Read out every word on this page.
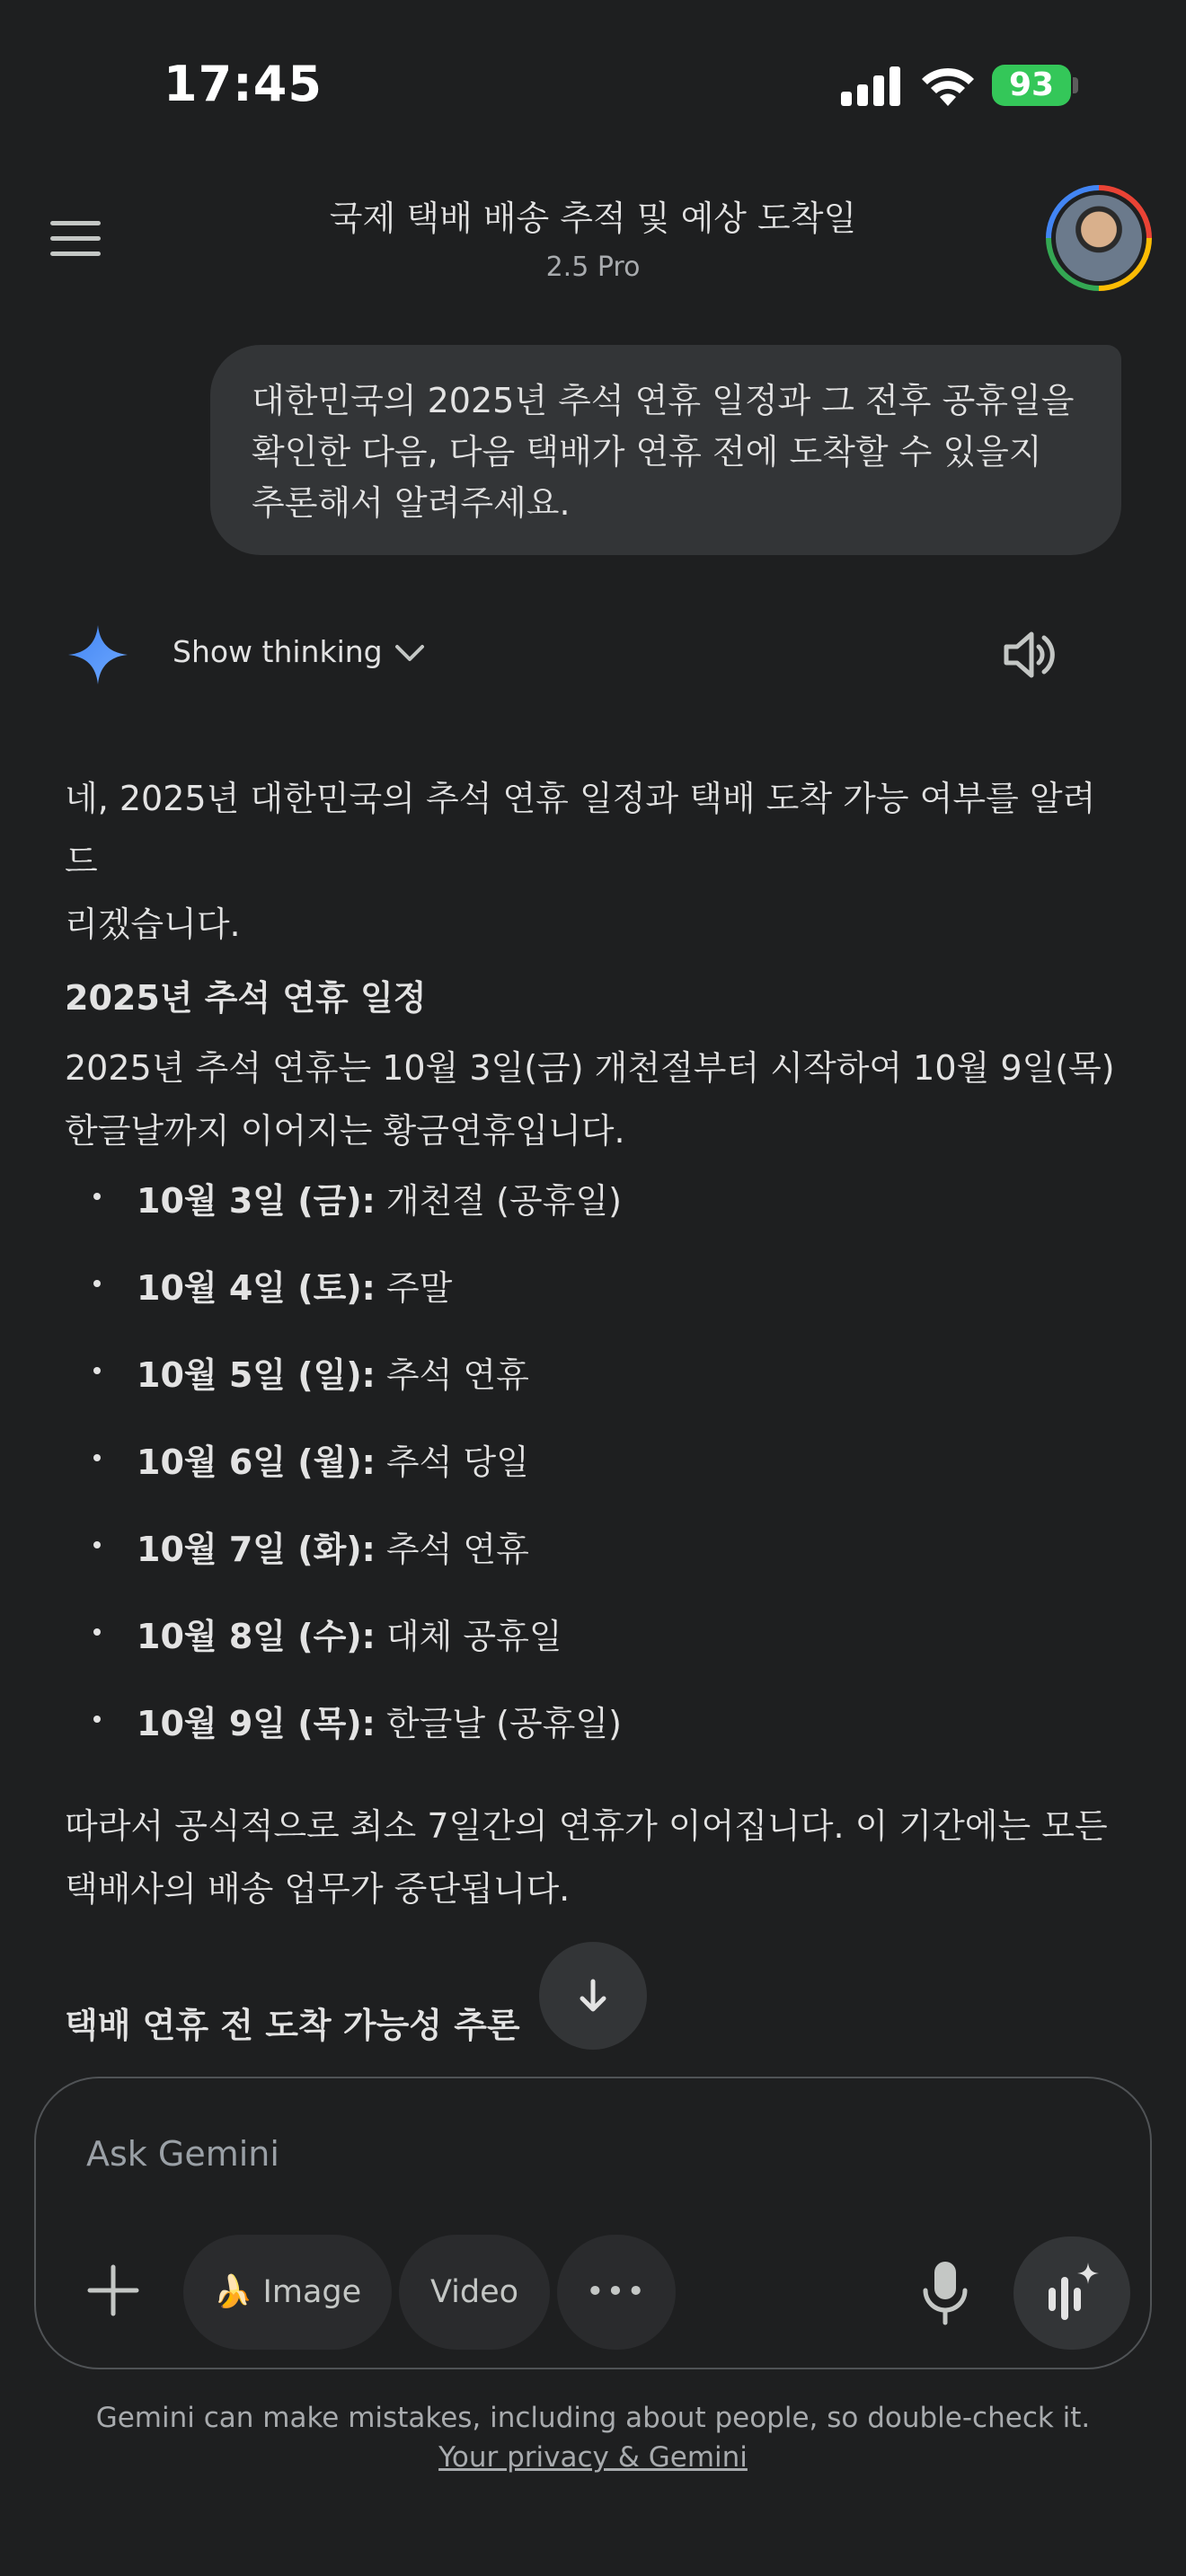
17:45	93
국제 택배 배송 추적 및 예상 도착일
2.5 Pro
대한민국의 2025년 추석 연휴 일정과 그 전후 공휴일을
확인한 다음, 다음 택배가 연휴 전에 도착할 수 있을지
추론해서 알려주세요.
Show thinking
네, 2025년 대한민국의 추석 연휴 일정과 택배 도착 가능 여부를 알려드
리겠습니다.
2025년 추석 연휴 일정
2025년 추석 연휴는 10월 3일(금) 개천절부터 시작하여 10월 9일(목)
한글날까지 이어지는 황금연휴입니다.
10월 3일 (금): 개천절 (공휴일)
10월 4일 (토): 주말
10월 5일 (일): 추석 연휴
10월 6일 (월): 추석 당일
10월 7일 (화): 추석 연휴
10월 8일 (수): 대체 공휴일
10월 9일 (목): 한글날 (공휴일)
따라서 공식적으로 최소 7일간의 연휴가 이어집니다. 이 기간에는 모든
택배사의 배송 업무가 중단됩니다.
택배 연휴 전 도착 가능성 추론
Ask Gemini
🍌 Image	Video	•••
Gemini can make mistakes, including about people, so double-check it.
Your privacy & Gemini
